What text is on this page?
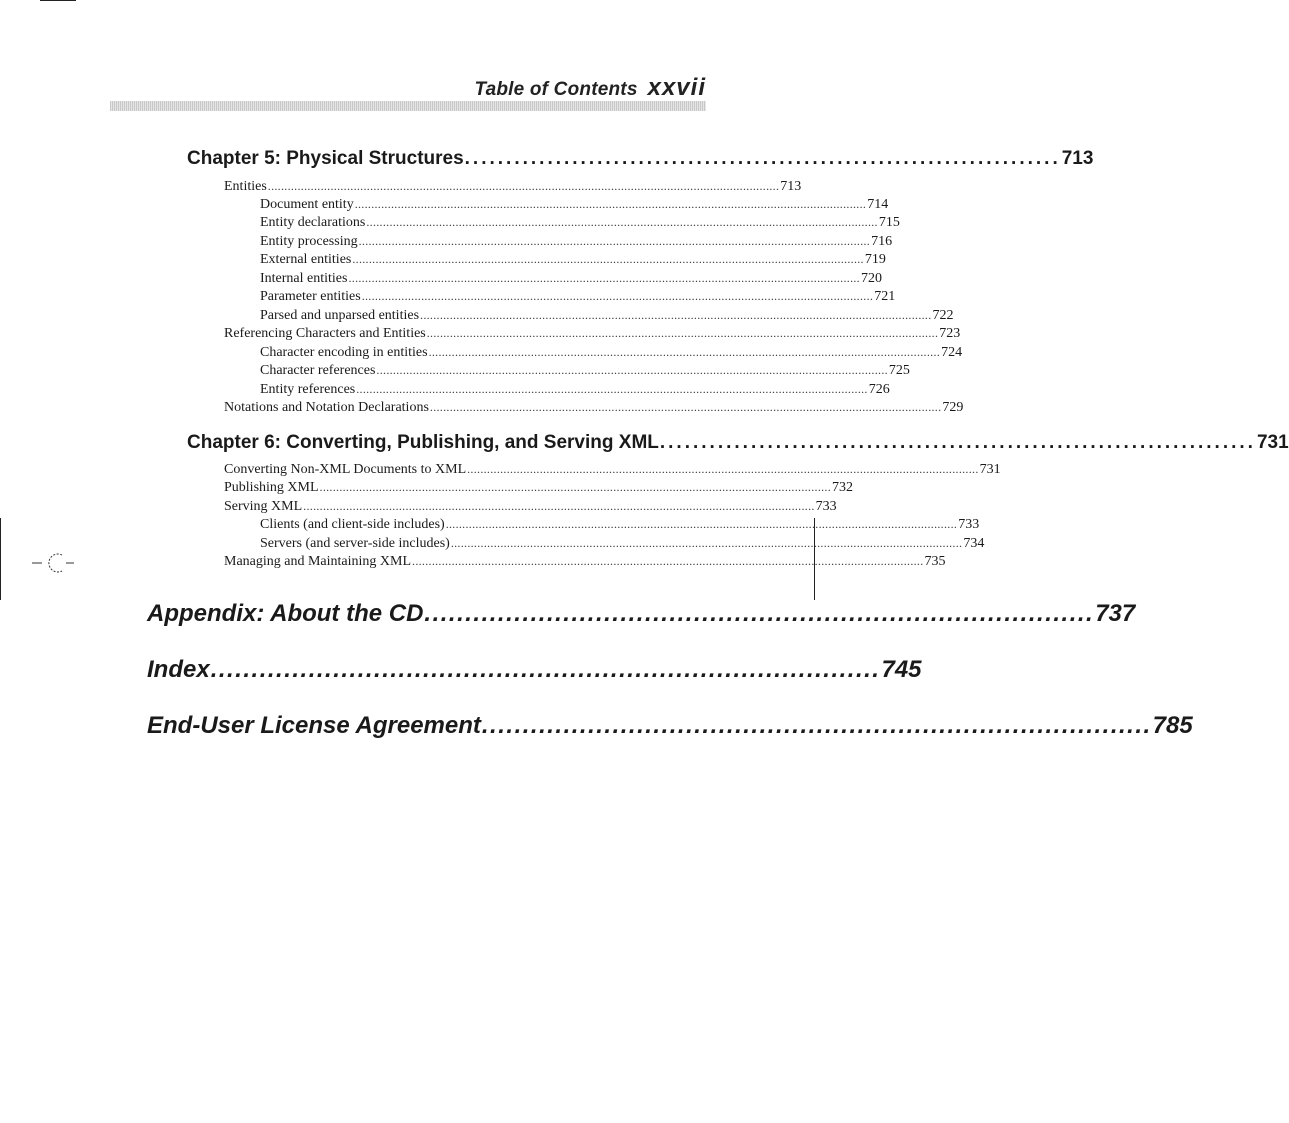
Table of Contents xxvii
Chapter 5: Physical Structures ........................................................................ 713
Entities ........................................................................................................................................................... 713
Document entity ........................................................................................................................................................... 714
Entity declarations ........................................................................................................................................................... 715
Entity processing ........................................................................................................................................................... 716
External entities ........................................................................................................................................................... 719
Internal entities ........................................................................................................................................................... 720
Parameter entities ........................................................................................................................................................... 721
Parsed and unparsed entities ........................................................................................................................................................... 722
Referencing Characters and Entities ........................................................................................................................................................... 723
Character encoding in entities ........................................................................................................................................................... 724
Character references ........................................................................................................................................................... 725
Entity references ........................................................................................................................................................... 726
Notations and Notation Declarations ........................................................................................................................................................... 729
Chapter 6: Converting, Publishing, and Serving XML ........................................................................ 731
Converting Non-XML Documents to XML ........................................................................................................................................................... 731
Publishing XML ........................................................................................................................................................... 732
Serving XML ........................................................................................................................................................... 733
Clients (and client-side includes) ........................................................................................................................................................... 733
Servers (and server-side includes) ........................................................................................................................................................... 734
Managing and Maintaining XML ........................................................................................................................................................... 735
Appendix: About the CD .................................................................................. 737
Index .................................................................................. 745
End-User License Agreement .................................................................................. 785
